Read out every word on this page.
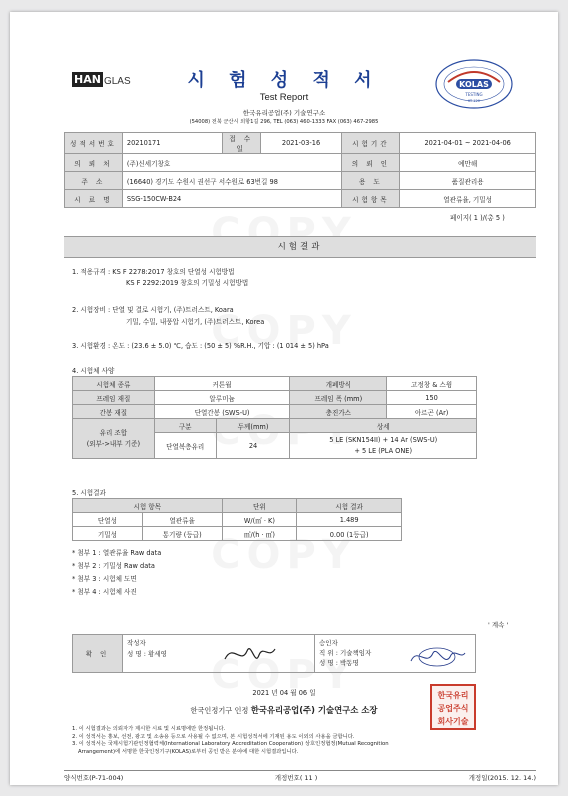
HAN GLAS	시 험 성 적 서
Test Report
한국유리공업(주) 기술연구소
(54008) 전북 군산시 외항1길 296, TEL (063) 460-1333 FAX (063) 467-2985
KOLAS
TESTING
KT 120
성적서번호	20210171	접 수 일	2021-03-16	시험기간	2021-04-01 ~ 2021-04-06
의 뢰 처	(주)신세기창호			의 뢰 인	예만해
주 소	(16640) 경기도 수원시 권선구 서수원로 63번길 98			용 도	품질관리용
시 료 명	SSG-150CW-B24			시험항목	열관류율, 기밀성
페이지( 1 )/(총 5 )
시험결과
1. 적용규격 : KS F 2278:2017 창호의 단열성 시험방법
KS F 2292:2019 창호의 기밀성 시험방법
2. 시험장비 : 단열 및 결로 시험기, (주)트러스트, Koara
기밀, 수밀, 내풍압 시험기, (주)트러스트, Korea
3. 시험환경 : 온도 : (23.6 ± 5.0) ℃, 습도 : (50 ± 5) %R.H., 기압 : (1 014 ± 5) hPa
4. 시험체 사양
시험체 종류	커튼월		개폐방식	고정창 & 스윙
프레임 재질	알루미늄		프레임 폭 (mm)	150
간봉 재질	단열간봉 (SWS-U)		충진가스	아르곤 (Ar)
유리 조합
(외부->내부 기준)	구분	두께(mm)	상세	
	단열복층유리	24	5 LE (SKN154II) + 14 Ar (SWS-U)
+ 5 LE (PLA ONE)	
5. 시험결과
시험 항목		단위	시험 결과
단열성	열관류율	W/(㎡ · K)	1.489
기밀성	통기량 (등급)	㎥/(h · ㎡)	0.00 (1등급)
* 첨부 1 : 열관류율 Raw data
* 첨부 2 : 기밀성 Raw data
* 첨부 3 : 시험체 도면
* 첨부 4 : 시험체 사진
' 계속 '
확 인	
작성자
성 명 : 황세영

승인자
직 위 : 기술책임자
성 명 : 박동명
2021 년 04 월 06 일
한국인정기구 인정 한국유리공업(주) 기술연구소 소장
한국유리
공업주식
회사기술
1. 이 시험결과는 의뢰자가 제시한 시료 및 시료명에만 한정됩니다.
2. 이 성적서는 홍보, 선전, 광고 및 소송용 등으로 사용될 수 없으며, 본 시험성적서에 기재된 용도 이외의 사용을 금합니다.
3. 이 성적서는 국제시험기관인정협력체(International Laboratory Accreditation Cooperation) 상호인정협정(Mutual Recognition
Arrangement)에 서명한 한국인정기구(KOLAS)로부터 공인 받은 분야에 대한 시험결과입니다.
양식번호(P-71-004)	개정번호( 11 )	개정일(2015. 12. 14.)
